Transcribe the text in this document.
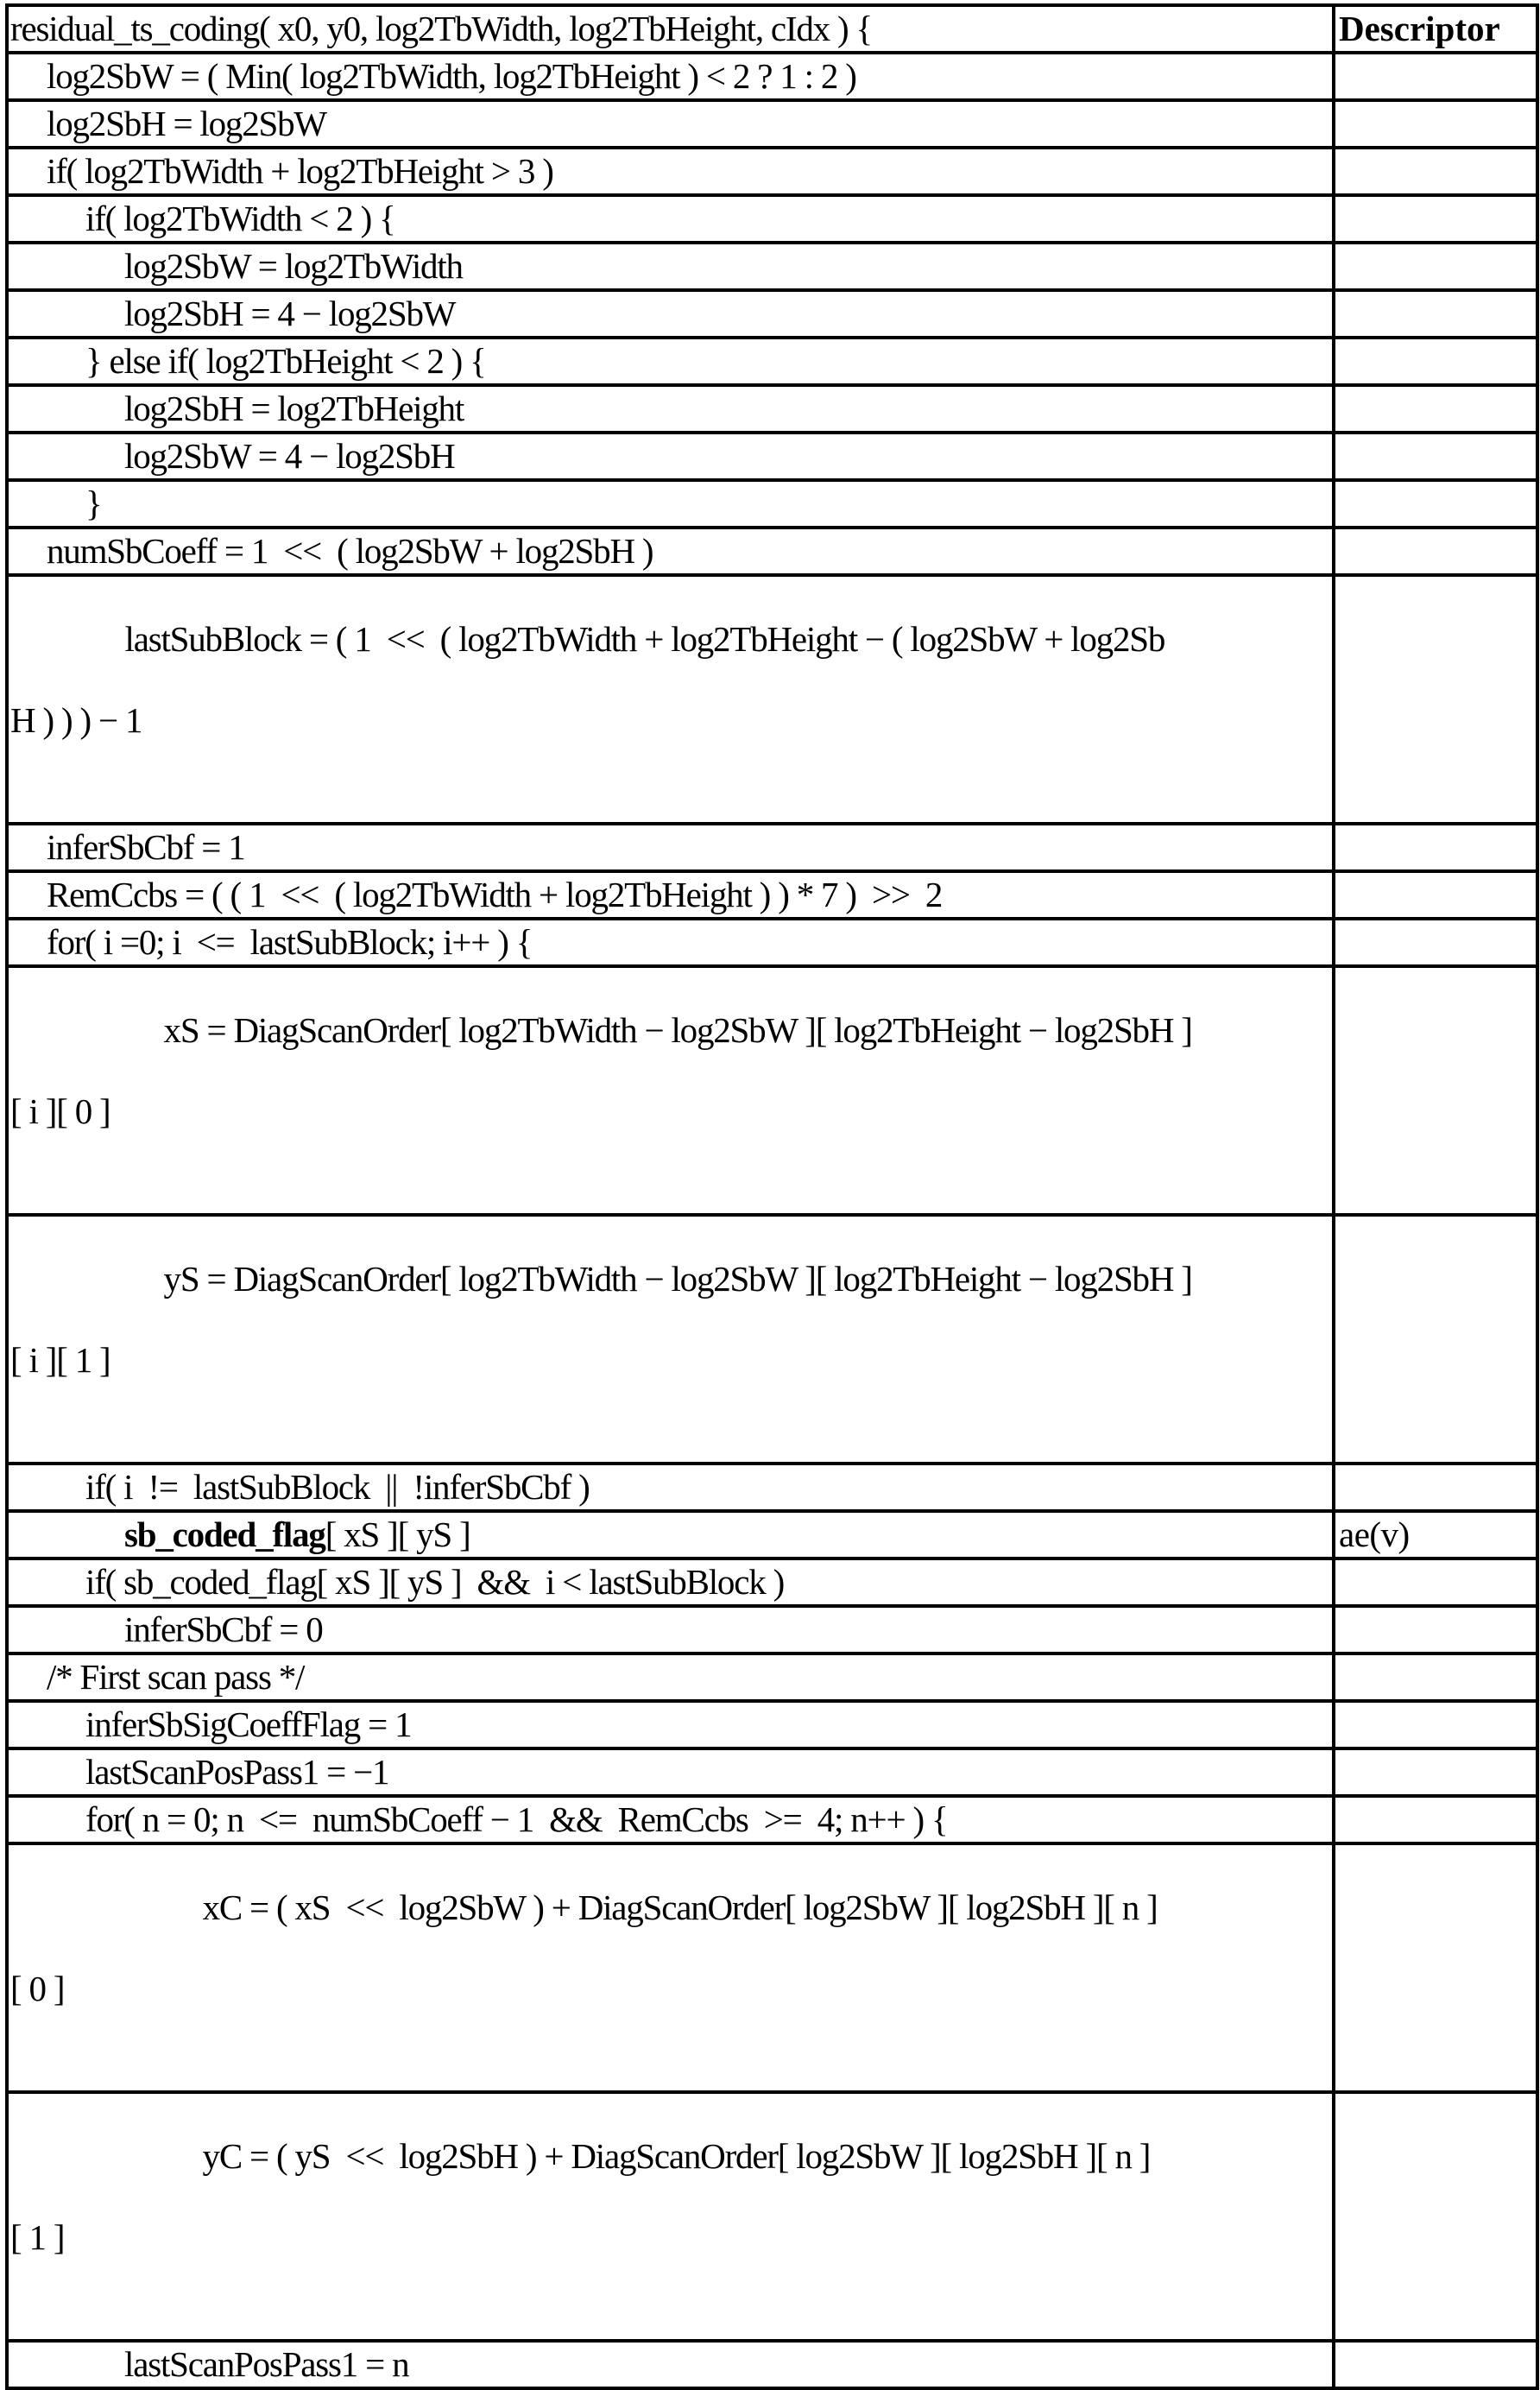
residual_ts_coding( x0, y0, log2TbWidth, log2TbHeight, cIdx ) {	Descriptor

log2SbW = ( Min( log2TbWidth, log2TbHeight ) < 2 ? 1 : 2 )	

log2SbH = log2SbW	

if( log2TbWidth + log2TbHeight > 3 )	

if( log2TbWidth < 2 ) {	

log2SbW = log2TbWidth	

log2SbH = 4 − log2SbW	

} else if( log2TbHeight < 2 ) {	

log2SbH = log2TbHeight	

log2SbW = 4 − log2SbH	

}	

numSbCoeff = 1  <<  ( log2SbW + log2SbH )	

lastSubBlock = ( 1  <<  ( log2TbWidth + log2TbHeight − ( log2SbW + log2Sb

H ) ) ) − 1	

inferSbCbf = 1	

RemCcbs = ( ( 1  <<  ( log2TbWidth + log2TbHeight ) ) * 7 )  >>  2	

for( i =0; i  <=  lastSubBlock; i++ ) {	

xS = DiagScanOrder[ log2TbWidth − log2SbW ][ log2TbHeight − log2SbH ]

[ i ][ 0 ]	

yS = DiagScanOrder[ log2TbWidth − log2SbW ][ log2TbHeight − log2SbH ]

[ i ][ 1 ]	

if( i  !=  lastSubBlock  ||  !inferSbCbf )	

sb_coded_flag[ xS ][ yS ]	ae(v)

if( sb_coded_flag[ xS ][ yS ]  &&  i < lastSubBlock )	

inferSbCbf = 0	

/* First scan pass */	

inferSbSigCoeffFlag = 1	

lastScanPosPass1 = −1	

for( n = 0; n  <=  numSbCoeff − 1  &&  RemCcbs  >=  4; n++ ) {	

xC = ( xS  <<  log2SbW ) + DiagScanOrder[ log2SbW ][ log2SbH ][ n ]

[ 0 ]	

yC = ( yS  <<  log2SbH ) + DiagScanOrder[ log2SbW ][ log2SbH ][ n ]

[ 1 ]	

lastScanPosPass1 = n	
